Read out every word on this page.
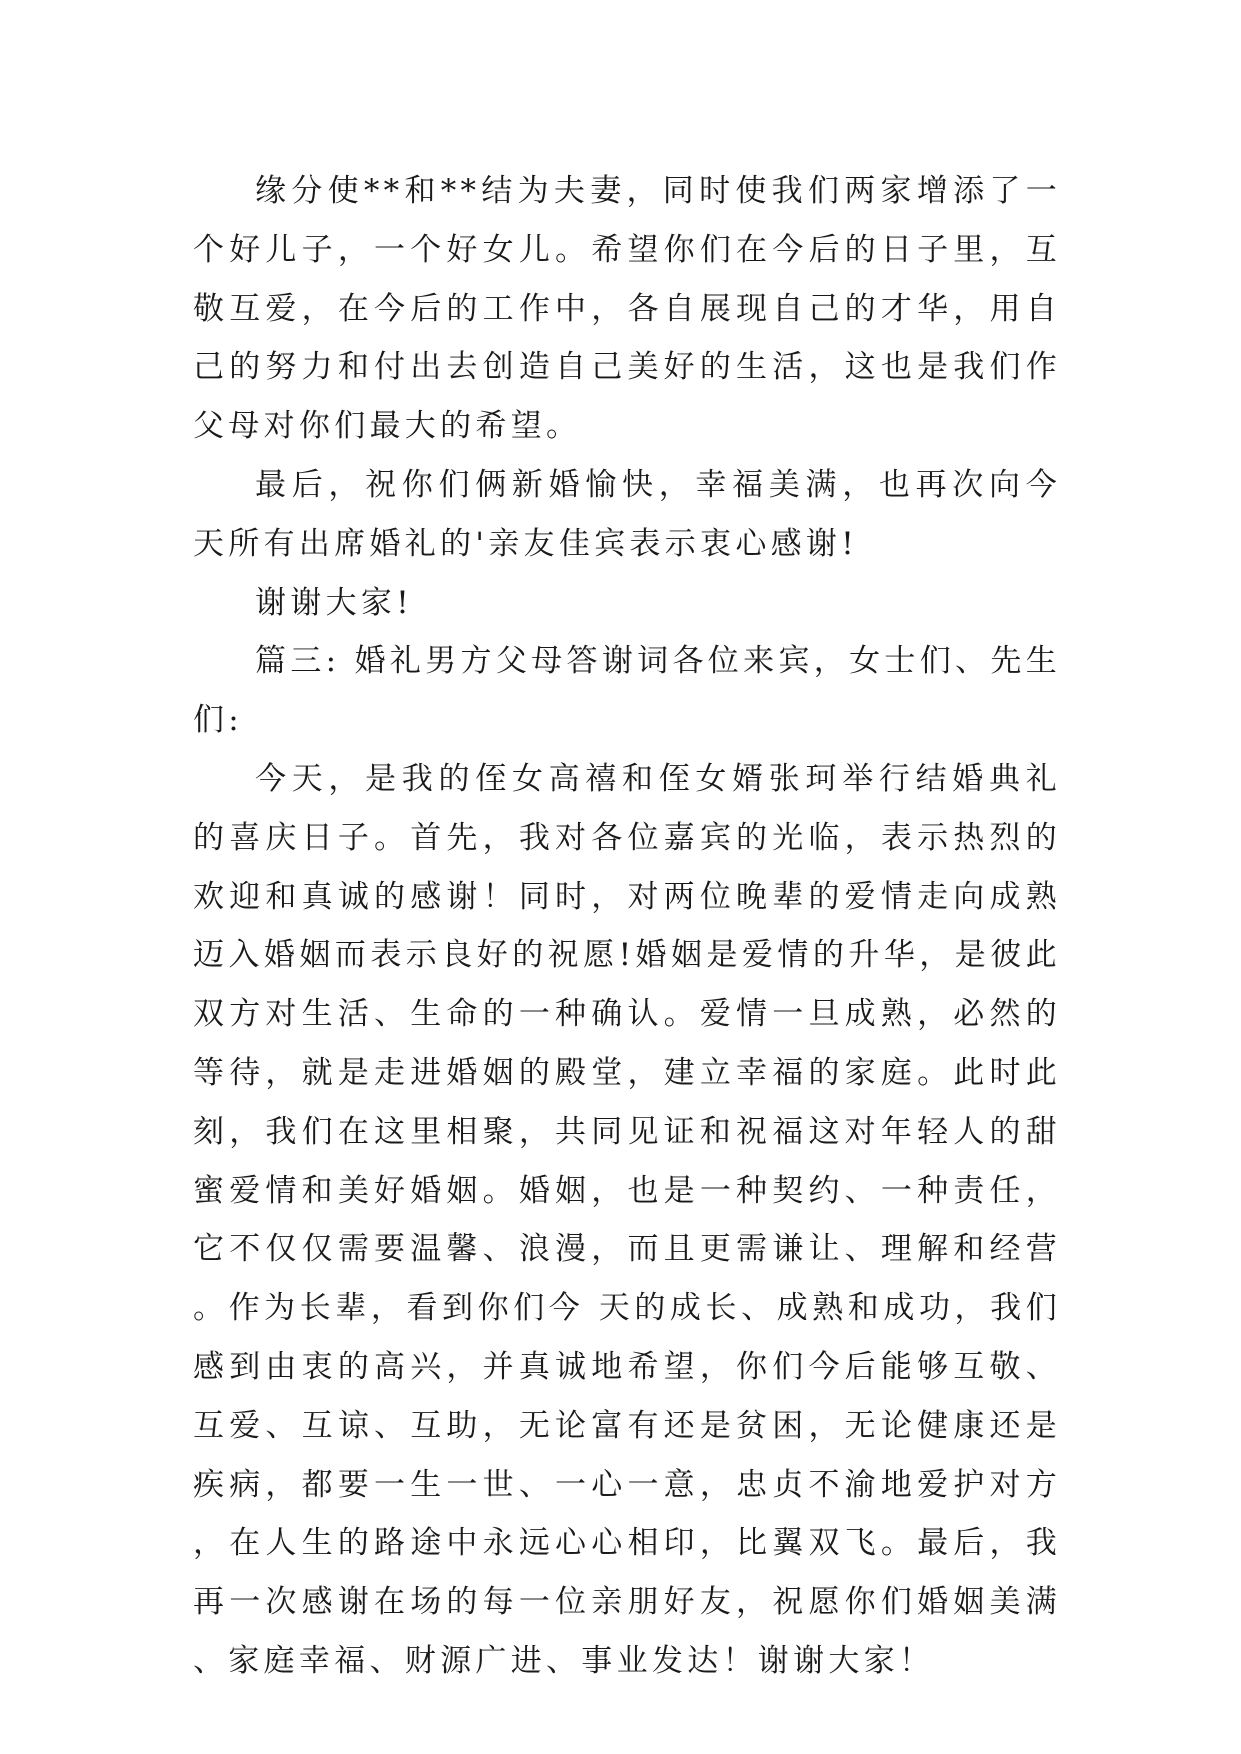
缘分使**和**结为夫妻，同时使我们两家增添了一个好儿子，一个好女儿。希望你们在今后的日子里，互敬互爱，在今后的工作中，各自展现自己的才华，用自己的努力和付出去创造自己美好的生活，这也是我们作父母对你们最大的希望。

最后，祝你们俩新婚愉快，幸福美满，也再次向今天所有出席婚礼的'亲友佳宾表示衷心感谢!

谢谢大家!

篇三: 婚礼男方父母答谢词各位来宾，女士们、先生们:

今天，是我的侄女高禧和侄女婿张珂举行结婚典礼的喜庆日子。首先，我对各位嘉宾的光临，表示热烈的欢迎和真诚的感谢！同时，对两位晚辈的爱情走向成熟迈入婚姻而表示良好的祝愿!婚姻是爱情的升华，是彼此双方对生活、生命的一种确认。爱情一旦成熟，必然的等待，就是走进婚姻的殿堂，建立幸福的家庭。此时此刻，我们在这里相聚，共同见证和祝福这对年轻人的甜蜜爱情和美好婚姻。婚姻，也是一种契约、一种责任，它不仅仅需要温馨、浪漫，而且更需谦让、理解和经营。作为长辈，看到你们今 天的成长、成熟和成功，我们感到由衷的高兴，并真诚地希望，你们今后能够互敬、互爱、互谅、互助，无论富有还是贫困，无论健康还是疾病，都要一生一世、一心一意，忠贞不渝地爱护对方，在人生的路途中永远心心相印，比翼双飞。最后，我再一次感谢在场的每一位亲朋好友，祝愿你们婚姻美满、家庭幸福、财源广进、事业发达！谢谢大家！
